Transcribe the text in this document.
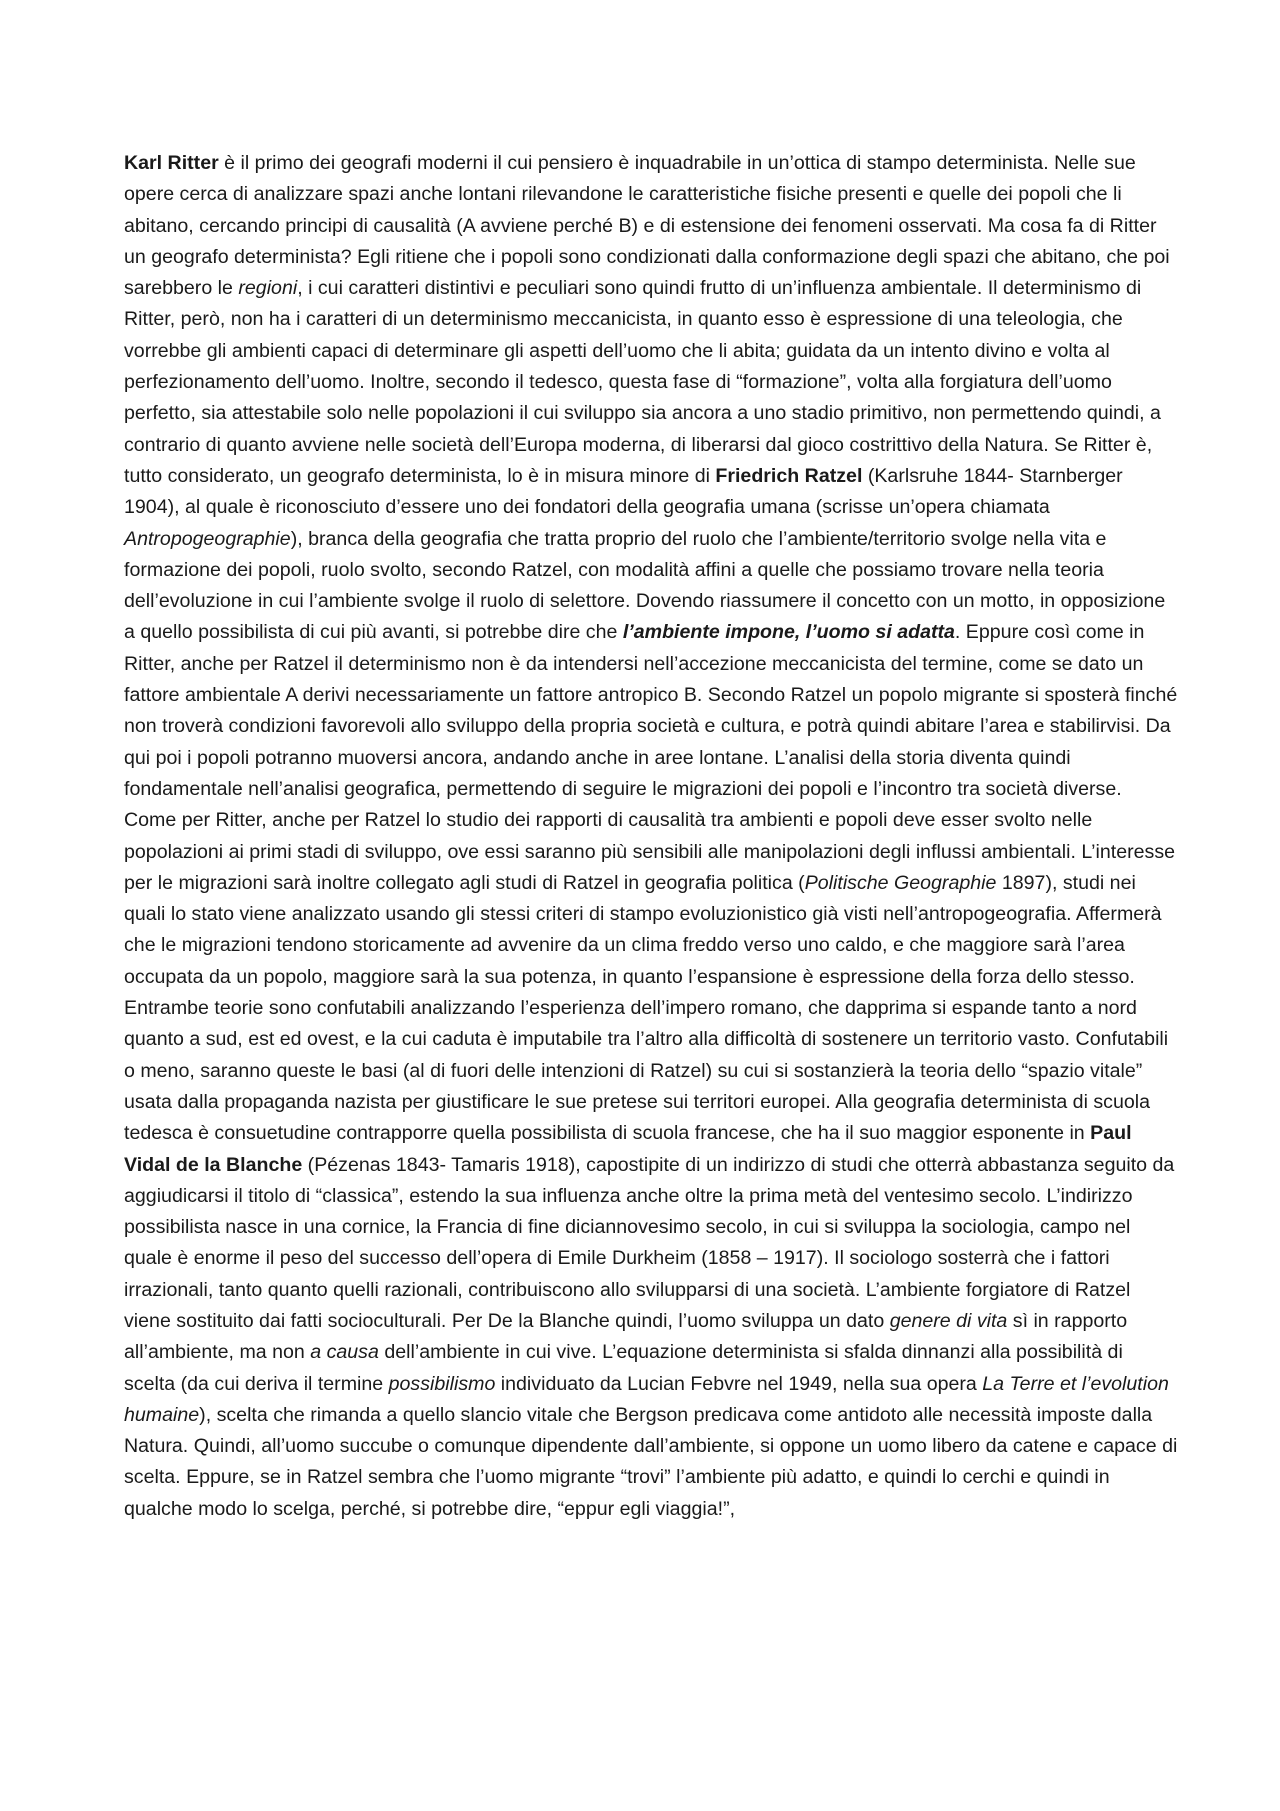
Karl Ritter è il primo dei geografi moderni il cui pensiero è inquadrabile in un’ottica di stampo determinista. Nelle sue opere cerca di analizzare spazi anche lontani rilevandone le caratteristiche fisiche presenti e quelle dei popoli che li abitano, cercando principi di causalità (A avviene perché B) e di estensione dei fenomeni osservati. Ma cosa fa di Ritter un geografo determinista? Egli ritiene che i popoli sono condizionati dalla conformazione degli spazi che abitano, che poi sarebbero le regioni, i cui caratteri distintivi e peculiari sono quindi frutto di un’influenza ambientale. Il determinismo di Ritter, però, non ha i caratteri di un determinismo meccanicista, in quanto esso è espressione di una teleologia, che vorrebbe gli ambienti capaci di determinare gli aspetti dell’uomo che li abita; guidata da un intento divino e volta al perfezionamento dell’uomo. Inoltre, secondo il tedesco, questa fase di “formazione”, volta alla forgiatura dell’uomo perfetto, sia attestabile solo nelle popolazioni il cui sviluppo sia ancora a uno stadio primitivo, non permettendo quindi, a contrario di quanto avviene nelle società dell’Europa moderna, di liberarsi dal gioco costrittivo della Natura. Se Ritter è, tutto considerato, un geografo determinista, lo è in misura minore di Friedrich Ratzel (Karlsruhe 1844- Starnberger 1904), al quale è riconosciuto d’essere uno dei fondatori della geografia umana (scrisse un’opera chiamata Antropogeographie), branca della geografia che tratta proprio del ruolo che l’ambiente/territorio svolge nella vita e formazione dei popoli, ruolo svolto, secondo Ratzel, con modalità affini a quelle che possiamo trovare nella teoria dell’evoluzione in cui l’ambiente svolge il ruolo di selettore. Dovendo riassumere il concetto con un motto, in opposizione a quello possibilista di cui più avanti, si potrebbe dire che l’ambiente impone, l’uomo si adatta. Eppure così come in Ritter, anche per Ratzel il determinismo non è da intendersi nell’accezione meccanicista del termine, come se dato un fattore ambientale A derivi necessariamente un fattore antropico B. Secondo Ratzel un popolo migrante si sposterà finché non troverà condizioni favorevoli allo sviluppo della propria società e cultura, e potrà quindi abitare l’area e stabilirvisi. Da qui poi i popoli potranno muoversi ancora, andando anche in aree lontane. L’analisi della storia diventa quindi fondamentale nell’analisi geografica, permettendo di seguire le migrazioni dei popoli e l’incontro tra società diverse. Come per Ritter, anche per Ratzel lo studio dei rapporti di causalità tra ambienti e popoli deve esser svolto nelle popolazioni ai primi stadi di sviluppo, ove essi saranno più sensibili alle manipolazioni degli influssi ambientali. L’interesse per le migrazioni sarà inoltre collegato agli studi di Ratzel in geografia politica (Politische Geographie 1897), studi nei quali lo stato viene analizzato usando gli stessi criteri di stampo evoluzionistico già visti nell’antropogeografia. Affermerà che le migrazioni tendono storicamente ad avvenire da un clima freddo verso uno caldo, e che maggiore sarà l’area occupata da un popolo, maggiore sarà la sua potenza, in quanto l’espansione è espressione della forza dello stesso. Entrambe teorie sono confutabili analizzando l’esperienza dell’impero romano, che dapprima si espande tanto a nord quanto a sud, est ed ovest, e la cui caduta è imputabile tra l’altro alla difficoltà di sostenere un territorio vasto. Confutabili o meno, saranno queste le basi (al di fuori delle intenzioni di Ratzel) su cui si sostanzierà la teoria dello “spazio vitale” usata dalla propaganda nazista per giustificare le sue pretese sui territori europei. Alla geografia determinista di scuola tedesca è consuetudine contrapporre quella possibilista di scuola francese, che ha il suo maggior esponente in Paul Vidal de la Blanche (Pézenas 1843- Tamaris 1918), capostipite di un indirizzo di studi che otterrà abbastanza seguito da aggiudicarsi il titolo di “classica”, estendo la sua influenza anche oltre la prima metà del ventesimo secolo. L’indirizzo possibilista nasce in una cornice, la Francia di fine diciannovesimo secolo, in cui si sviluppa la sociologia, campo nel quale è enorme il peso del successo dell’opera di Emile Durkheim (1858 – 1917). Il sociologo sosterrà che i fattori irrazionali, tanto quanto quelli razionali, contribuiscono allo svilupparsi di una società. L’ambiente forgiatore di Ratzel viene sostituito dai fatti socioculturali. Per De la Blanche quindi, l’uomo sviluppa un dato genere di vita sì in rapporto all’ambiente, ma non a causa dell’ambiente in cui vive. L’equazione determinista si sfalda dinnanzi alla possibilità di scelta (da cui deriva il termine possibilismo individuato da Lucian Febvre nel 1949, nella sua opera La Terre et l’evolution humaine), scelta che rimanda a quello slancio vitale che Bergson predicava come antidoto alle necessità imposte dalla Natura. Quindi, all’uomo succube o comunque dipendente dall’ambiente, si oppone un uomo libero da catene e capace di scelta. Eppure, se in Ratzel sembra che l’uomo migrante “trovi” l’ambiente più adatto, e quindi lo cerchi e quindi in qualche modo lo scelga, perché, si potrebbe dire, “eppur egli viaggia!”,
